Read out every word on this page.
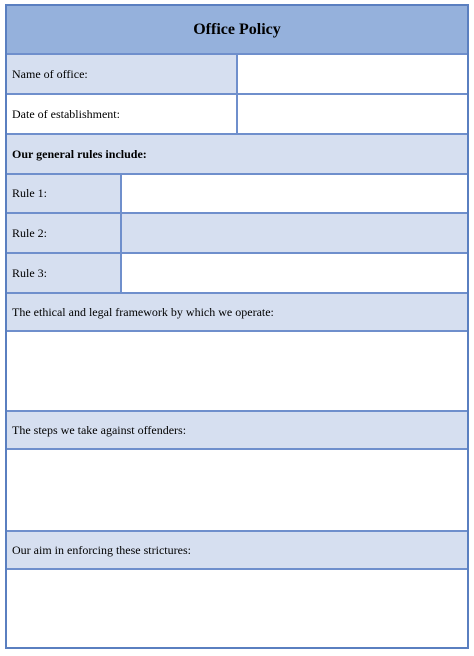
Office Policy
Name of office:
Date of establishment:
Our general rules include:
Rule 1:
Rule 2:
Rule 3:
The ethical and legal framework by which we operate:
The steps we take against offenders:
Our aim in enforcing these strictures:
